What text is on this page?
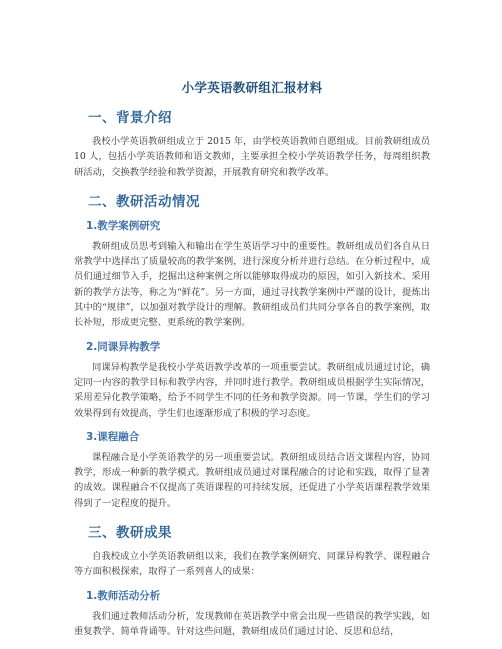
小学英语教研组汇报材料
一、背景介绍

我校小学英语教研组成立于 2015 年，由学校英语教师自愿组成。目前教研组成员 10 人，包括小学英语教师和语文教师，主要承担全校小学英语教学任务，每周组织教研活动，交换教学经验和教学资源，开展教育研究和教学改革。

二、教研活动情况
1.教学案例研究

教研组成员思考到输入和输出在学生英语学习中的重要性。教研组成员们各自从日常教学中选择出了质量较高的教学案例，进行深度分析并进行总结。在分析过程中，成员们通过细节入手，挖掘出这种案例之所以能够取得成功的原因，如引入新技术、采用新的教学方法等，称之为“鲜花”。另一方面，通过寻找教学案例中严谨的设计，提炼出其中的“规律”，以加强对教学设计的理解。教研组成员们共同分享各自的教学案例，取长补短，形成更完整、更系统的教学案例。

2.同课异构教学

同课异构教学是我校小学英语教学改革的一项重要尝试。教研组成员通过讨论，确定同一内容的教学目标和教学内容，并同时进行教学。教研组成员根据学生实际情况，采用差异化教学策略，给予不同学生不同的任务和教学资源。同一节课，学生们的学习效果得到有效提高，学生们也逐渐形成了积极的学习态度。

3.课程融合

课程融合是小学英语教学的另一项重要尝试。教研组成员结合语文课程内容，协同教学，形成一种新的教学模式。教研组成员通过对课程融合的讨论和实践，取得了显著的成效。课程融合不仅提高了英语课程的可持续发展，还促进了小学英语课程教学效果得到了一定程度的提升。

三、教研成果

自我校成立小学英语教研组以来，我们在教学案例研究、同课异构教学、课程融合等方面积极探索，取得了一系列喜人的成果：

1.教师活动分析

我们通过教师活动分析，发现教师在英语教学中常会出现一些错误的教学实践，如重复教学、简单背诵等。针对这些问题，教研组成员们通过讨论、反思和总结，
